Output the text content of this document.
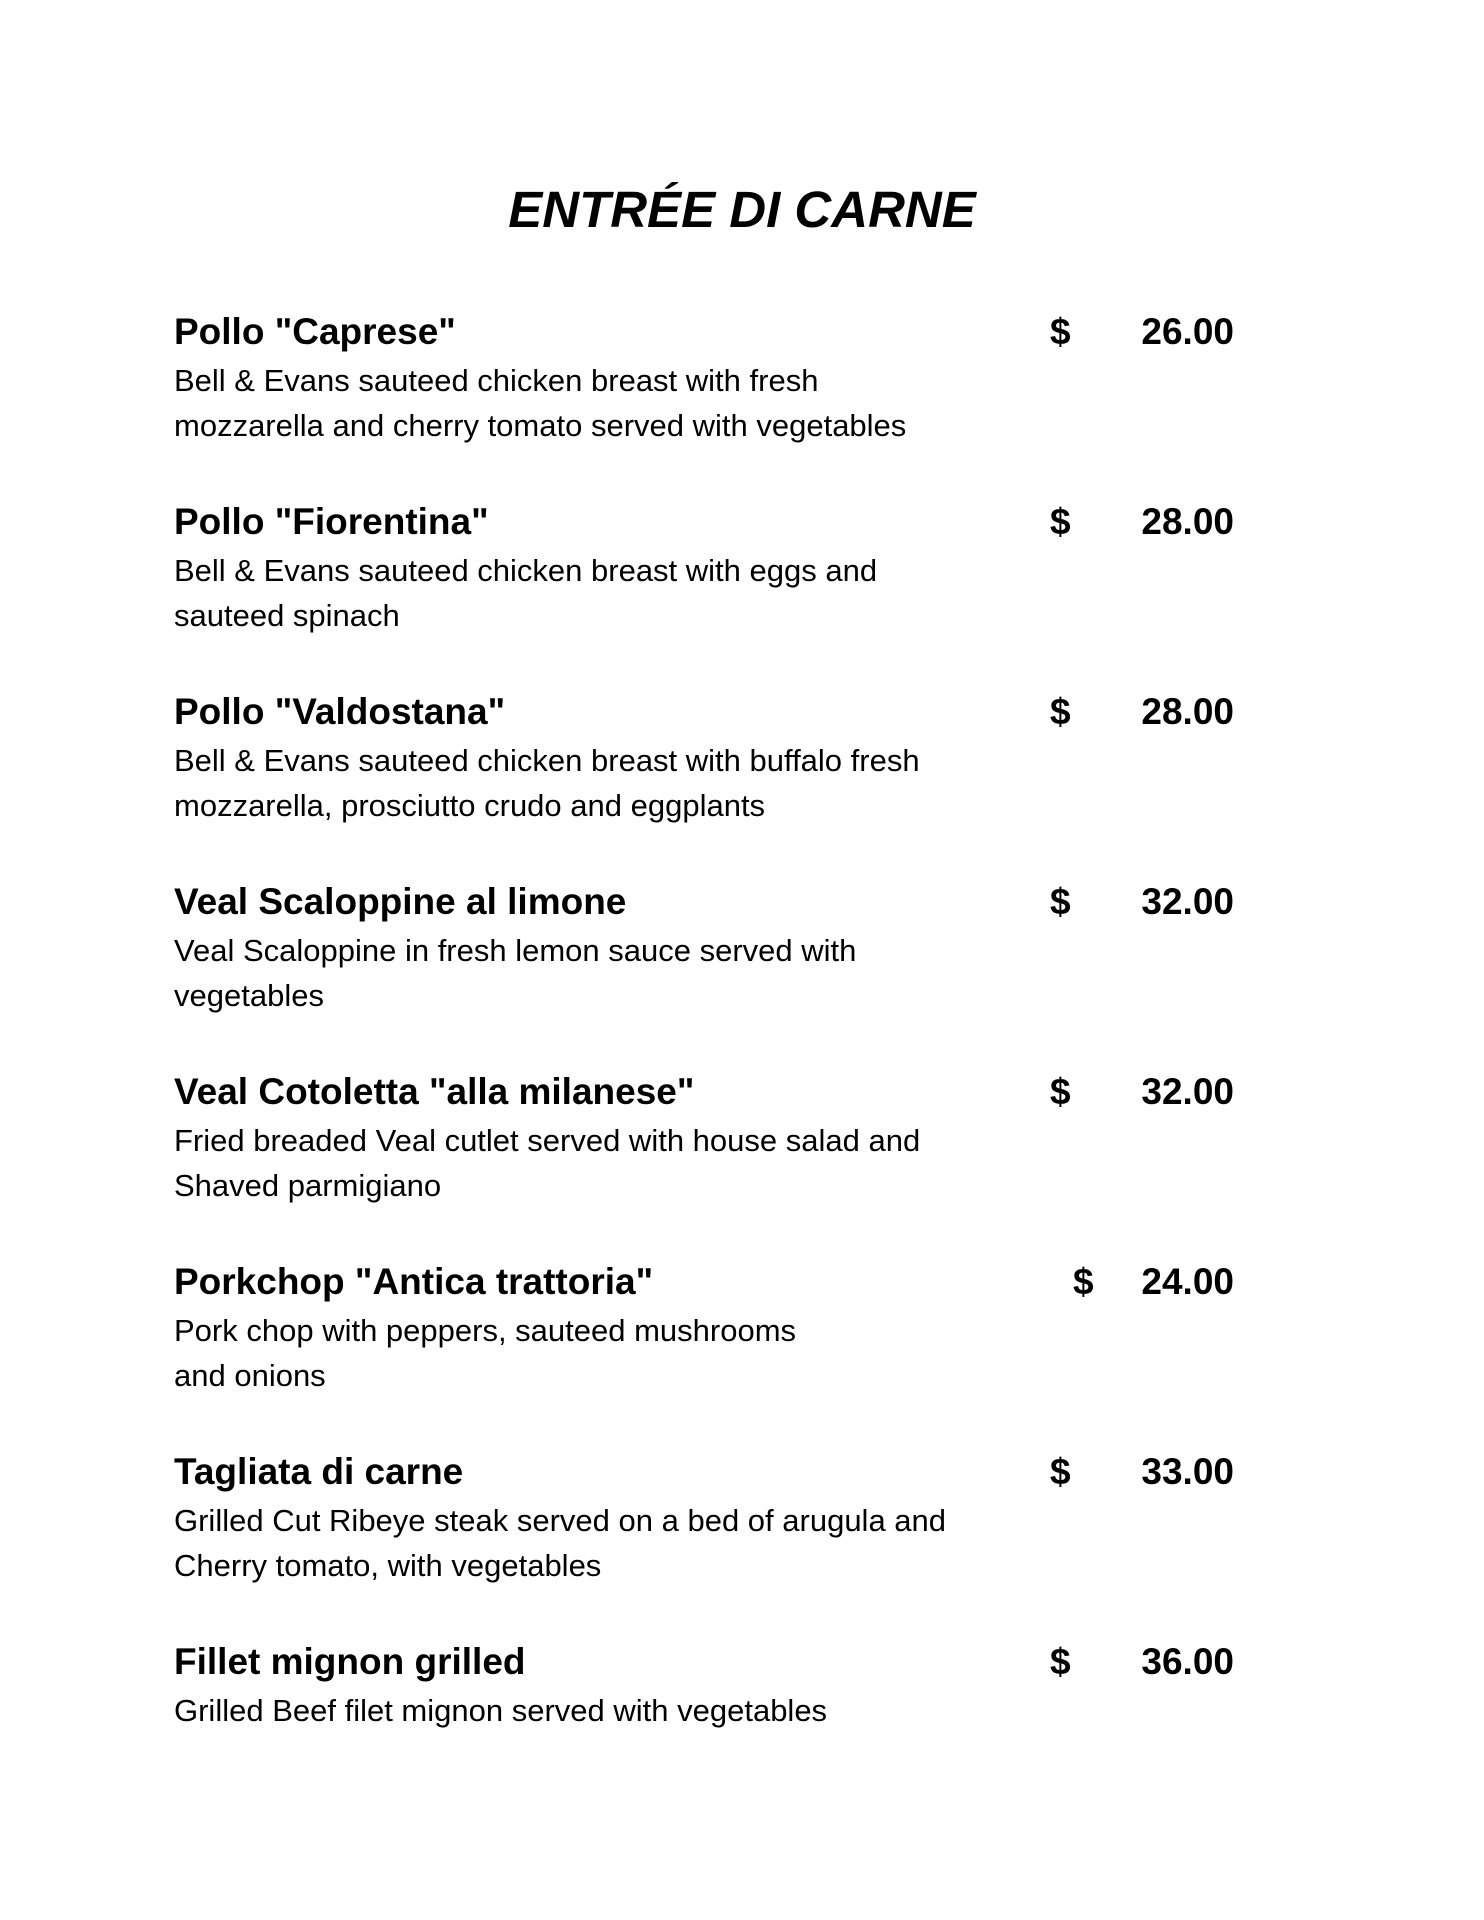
ENTRÉE DI CARNE
Pollo "Caprese"
Bell & Evans sauteed chicken breast with fresh
mozzarella and cherry tomato served with vegetables
$	26.00
Pollo "Fiorentina"
Bell & Evans sauteed chicken breast with eggs and
sauteed spinach
$	28.00
Pollo "Valdostana"
Bell & Evans sauteed chicken breast with buffalo fresh
mozzarella, prosciutto crudo and eggplants
$	28.00
Veal Scaloppine al limone
Veal Scaloppine in fresh lemon sauce served with
vegetables
$	32.00
Veal Cotoletta "alla milanese"
Fried breaded Veal cutlet served with house salad and
Shaved parmigiano
$	32.00
Porkchop "Antica trattoria"
Pork chop with peppers, sauteed mushrooms
and onions
$	24.00
Tagliata di carne
Grilled Cut Ribeye steak served on a bed of arugula and
Cherry tomato, with vegetables
$	33.00
Fillet mignon grilled
Grilled Beef filet mignon served with vegetables
$	36.00
